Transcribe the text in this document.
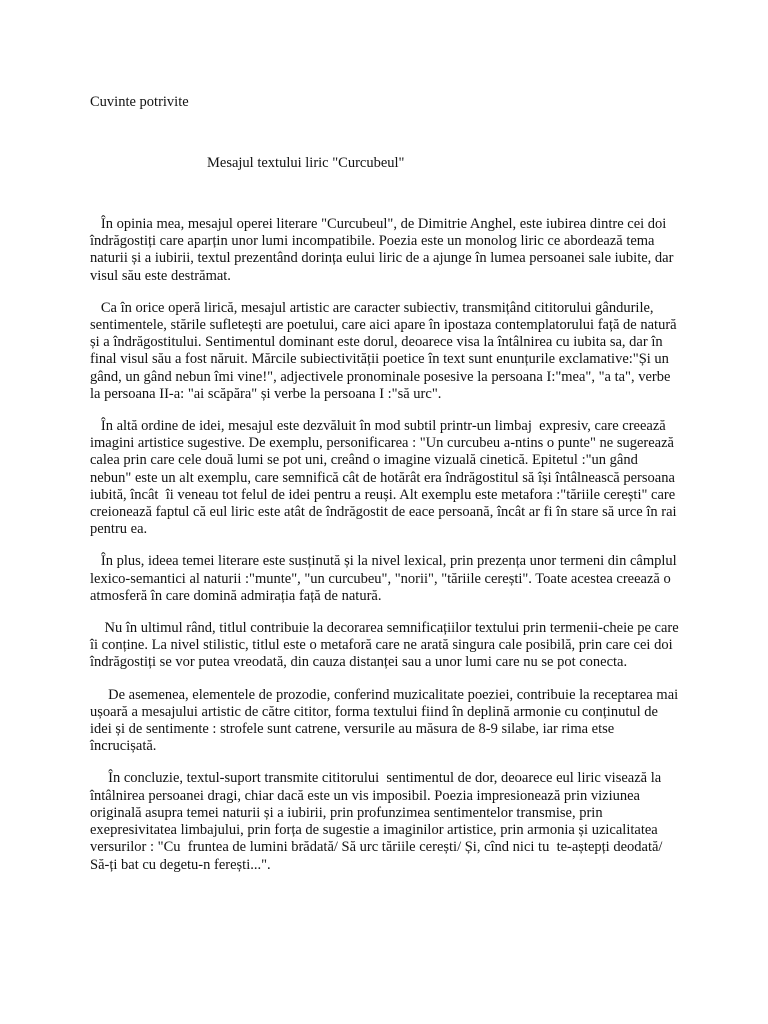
Cuvinte potrivite
Mesajul textului liric "Curcubeul"

În opinia mea, mesajul operei literare "Curcubeul", de Dimitrie Anghel, este iubirea dintre cei doi îndrăgostiți care aparțin unor lumi incompatibile. Poezia este un monolog liric ce abordează tema naturii și a iubirii, textul prezentând dorința eului liric de a ajunge în lumea persoanei sale iubite, dar visul său este destrămat.

Ca în orice operă lirică, mesajul artistic are caracter subiectiv, transmițând cititorului gândurile, sentimentele, stările sufletești are poetului, care aici apare în ipostaza contemplatorului față de natură și a îndrăgostitului. Sentimentul dominant este dorul, deoarece visa la întâlnirea cu iubita sa, dar în final visul său a fost năruit. Mărcile subiectivității poetice în text sunt enunțurile exclamative:"Și un gând, un gând nebun îmi vine!", adjectivele pronominale posesive la persoana I:"mea", "a ta", verbe la persoana II-a: "ai scăpăra" și verbe la persoana I :"să urc".

În altă ordine de idei, mesajul este dezvăluit în mod subtil printr-un limbaj  expresiv, care creează imagini artistice sugestive. De exemplu, personificarea : "Un curcubeu a-ntins o punte" ne sugerează calea prin care cele două lumi se pot uni, creând o imagine vizuală cinetică. Epitetul :"un gând nebun" este un alt exemplu, care semnifică cât de hotărât era îndrăgostitul să își întâlnească persoana iubită, încât  îi veneau tot felul de idei pentru a reuși. Alt exemplu este metafora :"tăriile cerești" care creionează faptul că eul liric este atât de îndrăgostit de eace persoană, încât ar fi în stare să urce în rai pentru ea.

În plus, ideea temei literare este susținută și la nivel lexical, prin prezența unor termeni din câmplul lexico-semantici al naturii :"munte", "un curcubeu", "norii", "tăriile cerești". Toate acestea creează o atmosferă în care domină admirația față de natură.

Nu în ultimul rând, titlul contribuie la decorarea semnificațiilor textului prin termenii-cheie pe care îi conține. La nivel stilistic, titlul este o metaforă care ne arată singura cale posibilă, prin care cei doi îndrăgostiți se vor putea vreodată, din cauza distanței sau a unor lumi care nu se pot conecta.

De asemenea, elementele de prozodie, conferind muzicalitate poeziei, contribuie la receptarea mai ușoară a mesajului artistic de către cititor, forma textului fiind în deplină armonie cu conținutul de idei și de sentimente : strofele sunt catrene, versurile au măsura de 8-9 silabe, iar rima etse încrucișată.

În concluzie, textul-suport transmite cititorului  sentimentul de dor, deoarece eul liric visează la întâlnirea persoanei dragi, chiar dacă este un vis imposibil. Poezia impresionează prin viziunea originală asupra temei naturii și a iubirii, prin profunzimea sentimentelor transmise, prin exepresivitatea limbajului, prin forța de sugestie a imaginilor artistice, prin armonia și uzicalitatea versurilor : "Cu  fruntea de lumini brădată/ Să urc tăriile cerești/ Și, cînd nici tu  te-aștepți deodată/ Să-ți bat cu degetu-n ferești...".
